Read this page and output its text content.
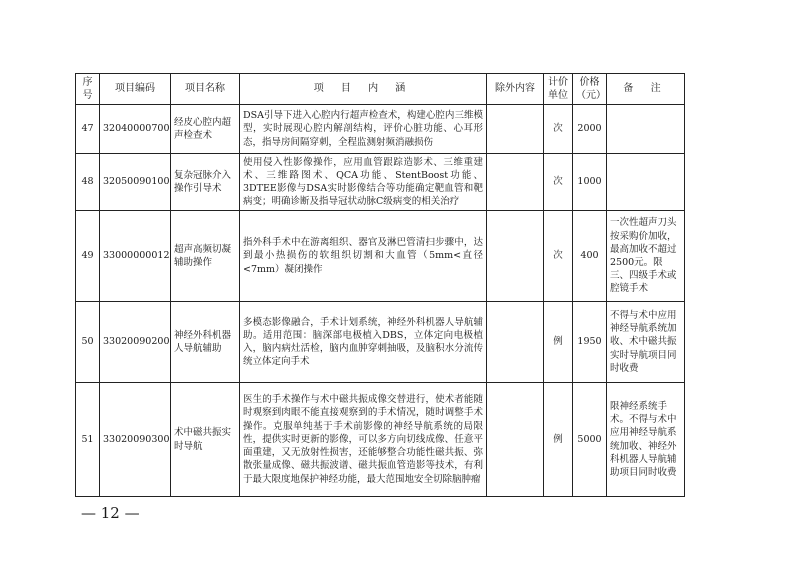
序号	项目编码	项目名称	项 目 内 涵	除外内容	计价单位	价格（元）	备 注
47	32040000700	经皮心腔内超声检查术	DSA引导下进入心腔内行超声检查术，构建心腔内三维模型，实时展现心腔内解剖结构，评价心脏功能、心耳形态，指导房间隔穿刺，全程监测射频消融损伤		次	2000	
48	32050090100	复杂冠脉介入操作引导术	使用侵入性影像操作，应用血管跟踪造影术、三维重建术、三维路图术、QCA功能、StentBoost功能、3DTEE影像与DSA实时影像结合等功能确定靶血管和靶病变；明确诊断及指导冠状动脉C级病变的相关治疗		次	1000	
49	33000000012	超声高频切凝辅助操作	指外科手术中在游离组织、器官及淋巴管清扫步骤中，达到最小热损伤的软组织切割和大血管（5mm<直径<7mm）凝闭操作		次	400	一次性超声刀头按采购价加收，最高加收不超过2500元。限三、四级手术或腔镜手术
50	33020090200	神经外科机器人导航辅助	多模态影像融合，手术计划系统，神经外科机器人导航辅助。适用范围：脑深部电极植入DBS，立体定向电极植入，脑内病灶活检，脑内血肿穿刺抽吸，及脑积水分流传统立体定向手术		例	1950	不得与术中应用神经导航系统加收、术中磁共振实时导航项目同时收费
51	33020090300	术中磁共振实时导航	医生的手术操作与术中磁共振成像交替进行，使术者能随时观察到肉眼不能直接观察到的手术情况，随时调整手术操作。克服单纯基于手术前影像的神经导航系统的局限性，提供实时更新的影像，可以多方向切线成像、任意平面重建，又无放射性损害，还能够整合功能性磁共振、弥散张量成像、磁共振波谱、磁共振血管造影等技术，有利于最大限度地保护神经功能，最大范围地安全切除脑肿瘤		例	5000	限神经系统手术。不得与术中应用神经导航系统加收、神经外科机器人导航辅助项目同时收费
— 12 —
